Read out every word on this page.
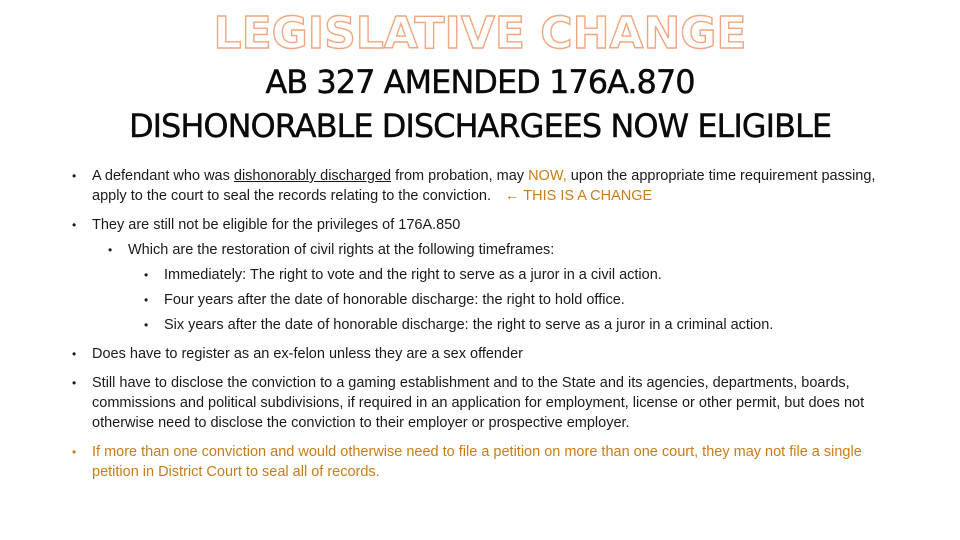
LEGISLATIVE CHANGE
AB 327 AMENDED 176A.870
DISHONORABLE DISCHARGEES NOW ELIGIBLE
• A defendant who was dishonorably discharged from probation, may NOW, upon the appropriate time requirement passing, apply to the court to seal the records relating to the conviction. ← THIS IS A CHANGE
• They are still not be eligible for the privileges of 176A.850
• Which are the restoration of civil rights at the following timeframes:
• Immediately: The right to vote and the right to serve as a juror in a civil action.
• Four years after the date of honorable discharge: the right to hold office.
• Six years after the date of honorable discharge: the right to serve as a juror in a criminal action.
• Does have to register as an ex-felon unless they are a sex offender
• Still have to disclose the conviction to a gaming establishment and to the State and its agencies, departments, boards, commissions and political subdivisions, if required in an application for employment, license or other permit, but does not otherwise need to disclose the conviction to their employer or prospective employer.
• If more than one conviction and would otherwise need to file a petition on more than one court, they may not file a single petition in District Court to seal all of records.
